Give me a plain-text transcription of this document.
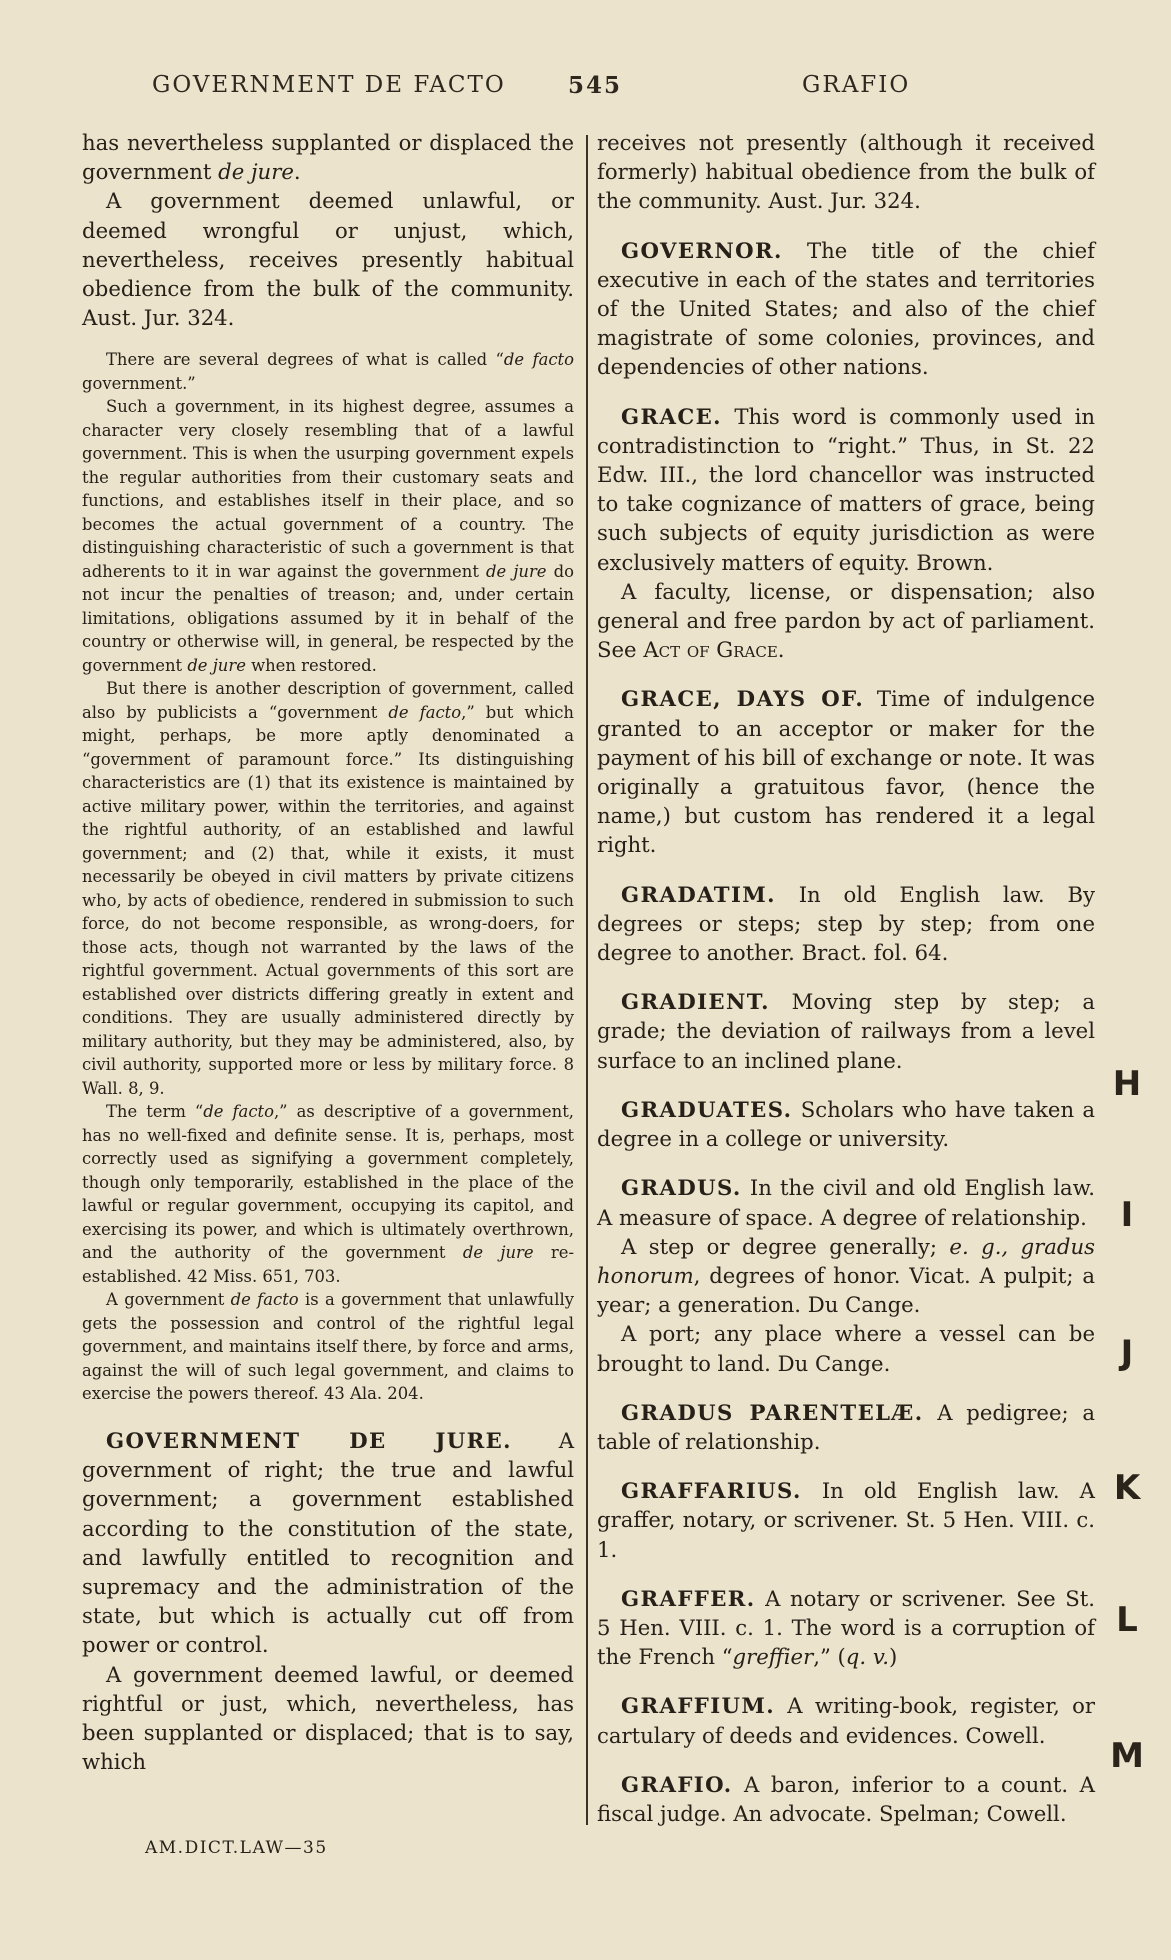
GOVERNMENT DE FACTO	545	GRAFIO

has nevertheless supplanted or displaced the government de jure.

A government deemed unlawful, or deemed wrongful or unjust, which, nevertheless, receives presently habitual obedience from the bulk of the community. Aust. Jur. 324.

There are several degrees of what is called “de facto government.”

Such a government, in its highest degree, assumes a character very closely resembling that of a lawful government. This is when the usurping government expels the regular authorities from their customary seats and functions, and establishes itself in their place, and so becomes the actual government of a country. The distinguishing characteristic of such a government is that adherents to it in war against the government de jure do not incur the penalties of treason; and, under certain limitations, obligations assumed by it in behalf of the country or otherwise will, in general, be respected by the government de jure when restored.

But there is another description of government, called also by publicists a “government de facto,” but which might, perhaps, be more aptly denominated a “government of paramount force.” Its distinguishing characteristics are (1) that its existence is maintained by active military power, within the territories, and against the rightful authority, of an established and lawful government; and (2) that, while it exists, it must necessarily be obeyed in civil matters by private citizens who, by acts of obedience, rendered in submission to such force, do not become responsible, as wrong-doers, for those acts, though not warranted by the laws of the rightful government. Actual governments of this sort are established over districts differing greatly in extent and conditions. They are usually administered directly by military authority, but they may be administered, also, by civil authority, supported more or less by military force. 8 Wall. 8, 9.

The term “de facto,” as descriptive of a government, has no well-fixed and definite sense. It is, perhaps, most correctly used as signifying a government completely, though only temporarily, established in the place of the lawful or regular government, occupying its capitol, and exercising its power, and which is ultimately overthrown, and the authority of the government de jure re-established. 42 Miss. 651, 703.

A government de facto is a government that unlawfully gets the possession and control of the rightful legal government, and maintains itself there, by force and arms, against the will of such legal government, and claims to exercise the powers thereof. 43 Ala. 204.

GOVERNMENT DE JURE. A government of right; the true and lawful government; a government established according to the constitution of the state, and lawfully entitled to recognition and supremacy and the administration of the state, but which is actually cut off from power or control.

A government deemed lawful, or deemed rightful or just, which, nevertheless, has been supplanted or displaced; that is to say, which

receives not presently (although it received formerly) habitual obedience from the bulk of the community. Aust. Jur. 324.

GOVERNOR. The title of the chief executive in each of the states and territories of the United States; and also of the chief magistrate of some colonies, provinces, and dependencies of other nations.

GRACE. This word is commonly used in contradistinction to “right.” Thus, in St. 22 Edw. III., the lord chancellor was instructed to take cognizance of matters of grace, being such subjects of equity jurisdiction as were exclusively matters of equity. Brown.

A faculty, license, or dispensation; also general and free pardon by act of parliament. See Act of Grace.

GRACE, DAYS OF. Time of indulgence granted to an acceptor or maker for the payment of his bill of exchange or note. It was originally a gratuitous favor, (hence the name,) but custom has rendered it a legal right.

GRADATIM. In old English law. By degrees or steps; step by step; from one degree to another. Bract. fol. 64.

GRADIENT. Moving step by step; a grade; the deviation of railways from a level surface to an inclined plane.

GRADUATES. Scholars who have taken a degree in a college or university.

GRADUS. In the civil and old English law. A measure of space. A degree of relationship.

A step or degree generally; e. g., gradus honorum, degrees of honor. Vicat. A pulpit; a year; a generation. Du Cange.

A port; any place where a vessel can be brought to land. Du Cange.

GRADUS PARENTELÆ. A pedigree; a table of relationship.

GRAFFARIUS. In old English law. A graffer, notary, or scrivener. St. 5 Hen. VIII. c. 1.

GRAFFER. A notary or scrivener. See St. 5 Hen. VIII. c. 1. The word is a corruption of the French “greffier,” (q. v.)

GRAFFIUM. A writing-book, register, or cartulary of deeds and evidences. Cowell.

GRAFIO. A baron, inferior to a count. A fiscal judge. An advocate. Spelman; Cowell.

AM.DICT.LAW—35
H
I
J
K
L
M
